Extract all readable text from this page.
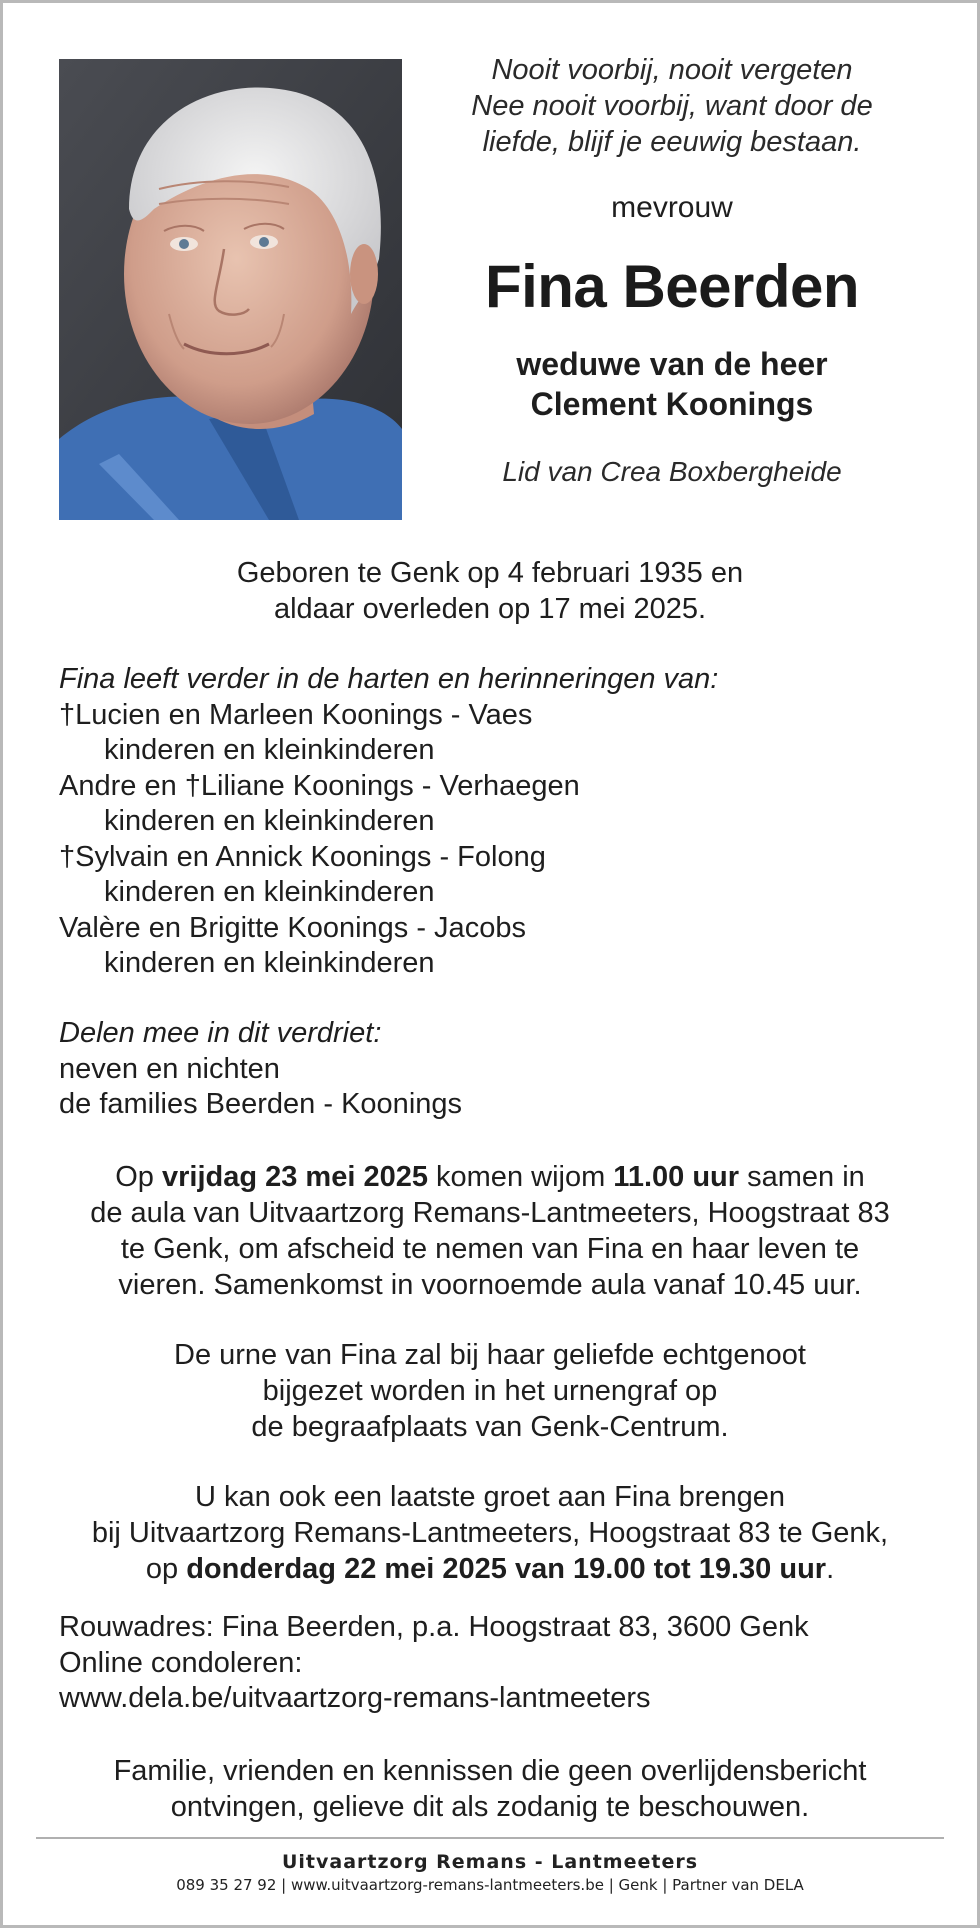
Nooit voorbij, nooit vergeten
Nee nooit voorbij, want door de
liefde, blijf je eeuwig bestaan.
mevrouw
Fina Beerden
weduwe van de heer
Clement Koonings
Lid van Crea Boxbergheide
Geboren te Genk op 4 februari 1935 en
aldaar overleden op 17 mei 2025.
Fina leeft verder in de harten en herinneringen van:
†Lucien en Marleen Koonings - Vaes
kinderen en kleinkinderen
Andre en †Liliane Koonings - Verhaegen
kinderen en kleinkinderen
†Sylvain en Annick Koonings - Folong
kinderen en kleinkinderen
Valère en Brigitte Koonings - Jacobs
kinderen en kleinkinderen
Delen mee in dit verdriet:
neven en nichten
de families Beerden - Koonings
Op vrijdag 23 mei 2025 komen wijom 11.00 uur samen in
de aula van Uitvaartzorg Remans-Lantmeeters, Hoogstraat 83
te Genk, om afscheid te nemen van Fina en haar leven te
vieren. Samenkomst in voornoemde aula vanaf 10.45 uur.
De urne van Fina zal bij haar geliefde echtgenoot
bijgezet worden in het urnengraf op
de begraafplaats van Genk-Centrum.
U kan ook een laatste groet aan Fina brengen
bij Uitvaartzorg Remans-Lantmeeters, Hoogstraat 83 te Genk,
op donderdag 22 mei 2025 van 19.00 tot 19.30 uur.
Rouwadres: Fina Beerden, p.a. Hoogstraat 83, 3600 Genk
Online condoleren:
www.dela.be/uitvaartzorg-remans-lantmeeters
Familie, vrienden en kennissen die geen overlijdensbericht
ontvingen, gelieve dit als zodanig te beschouwen.
Uitvaartzorg Remans - Lantmeeters
089 35 27 92 | www.uitvaartzorg-remans-lantmeeters.be | Genk | Partner van DELA
